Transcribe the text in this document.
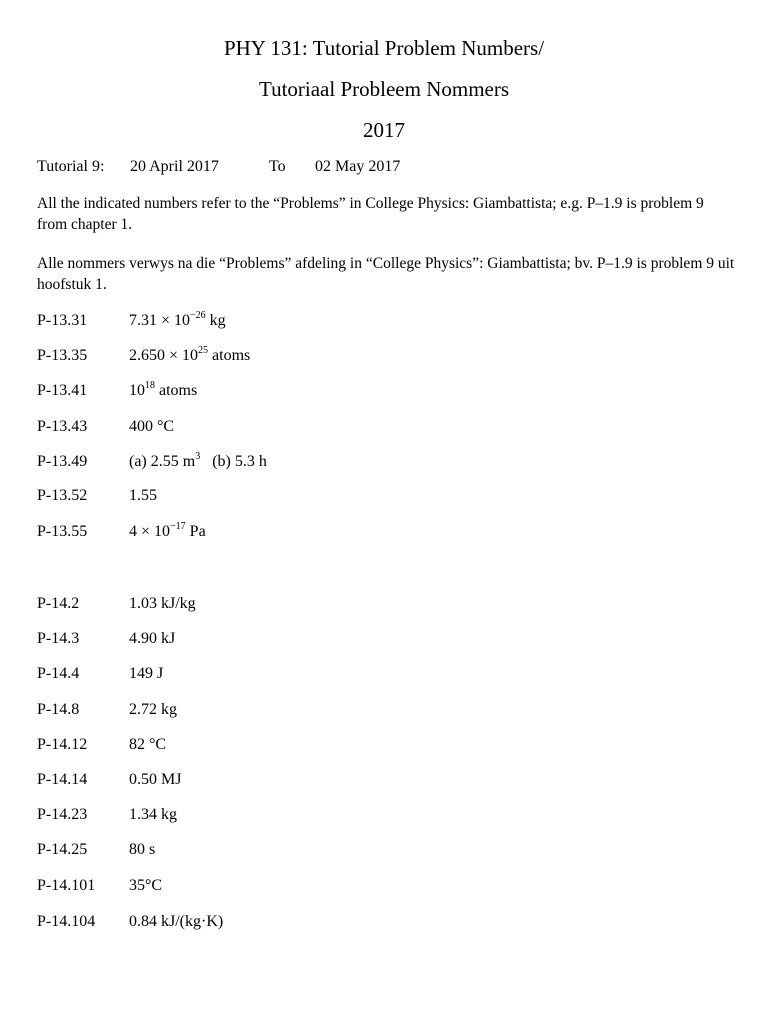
PHY 131: Tutorial Problem Numbers/
Tutoriaal Probleem Nommers
2017
Tutorial 9: 20 April 2017	To 02 May 2017
All the indicated numbers refer to the “Problems” in College Physics: Giambattista; e.g. P–1.9 is problem 9 from chapter 1.
Alle nommers verwys na die “Problems” afdeling in “College Physics”: Giambattista; bv. P–1.9 is problem 9 uit hoofstuk 1.
P-13.31	$7.31 \times 10^{-26}$ kg
P-13.35	$2.650 \times 10^{25}$ atoms
P-13.41	$10^{18}$ atoms
P-13.43	400 °C
P-13.49	(a) 2.55 $m^3$   (b) 5.3 h
P-13.52	1.55
P-13.55	$4 \times 10^{-17}$ Pa
P-14.2	1.03 kJ/kg
P-14.3	4.90 kJ
P-14.4	149 J
P-14.8	2.72 kg
P-14.12	82 °C
P-14.14	0.50 MJ
P-14.23	1.34 kg
P-14.25	80 s
P-14.101 35°C
P-14.104 0.84 kJ/(kg·K)
